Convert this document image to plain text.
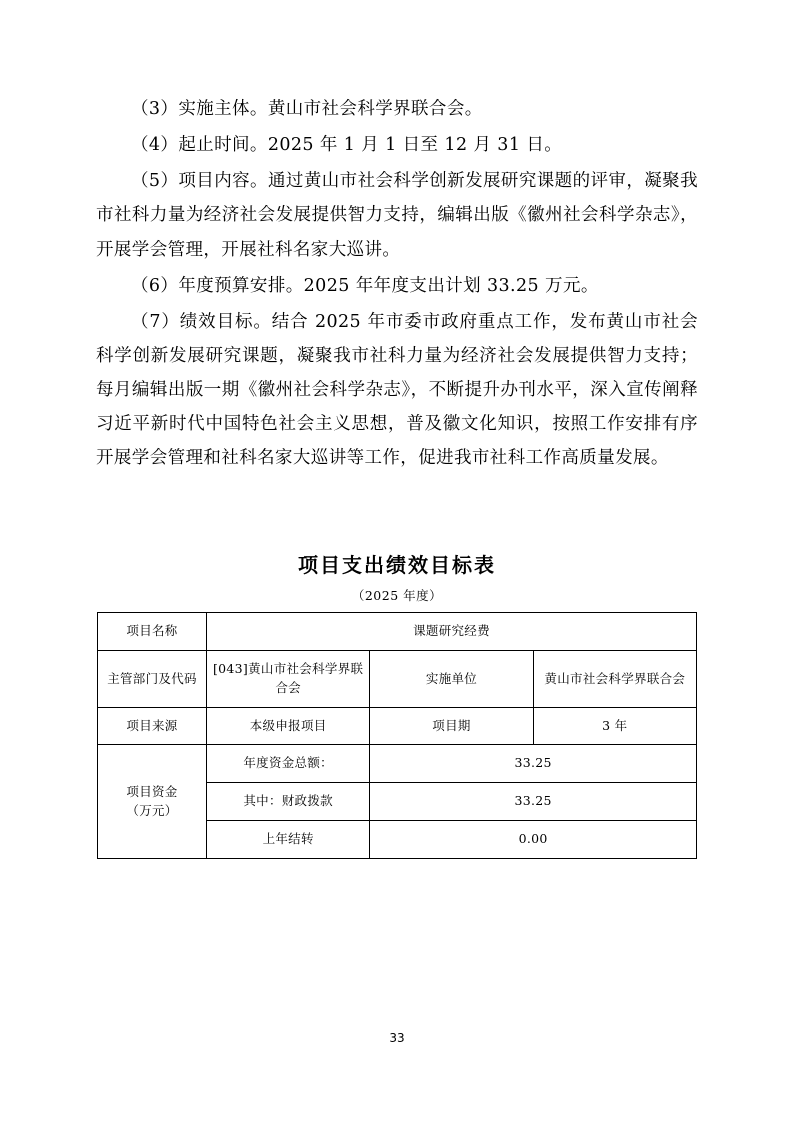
（3）实施主体。黄山市社会科学界联合会。

（4）起止时间。2025 年 1 月 1 日至 12 月 31 日。

（5）项目内容。通过黄山市社会科学创新发展研究课题的评审，凝聚我市社科力量为经济社会发展提供智力支持，编辑出版《徽州社会科学杂志》，开展学会管理，开展社科名家大巡讲。

（6）年度预算安排。2025 年年度支出计划 33.25 万元。

（7）绩效目标。结合 2025 年市委市政府重点工作，发布黄山市社会科学创新发展研究课题，凝聚我市社科力量为经济社会发展提供智力支持；每月编辑出版一期《徽州社会科学杂志》，不断提升办刊水平，深入宣传阐释习近平新时代中国特色社会主义思想，普及徽文化知识，按照工作安排有序开展学会管理和社科名家大巡讲等工作，促进我市社科工作高质量发展。

项目支出绩效目标表
（2025 年度）
项目名称	课题研究经费		
主管部门及代码	[043]黄山市社会科学界联合会	实施单位	黄山市社会科学界联合会
项目来源	本级申报项目	项目期	3 年

项目资金
（万元）	年度资金总额：	33.25	
	其中：财政拨款	33.25	
	上年结转	0.00	
33
